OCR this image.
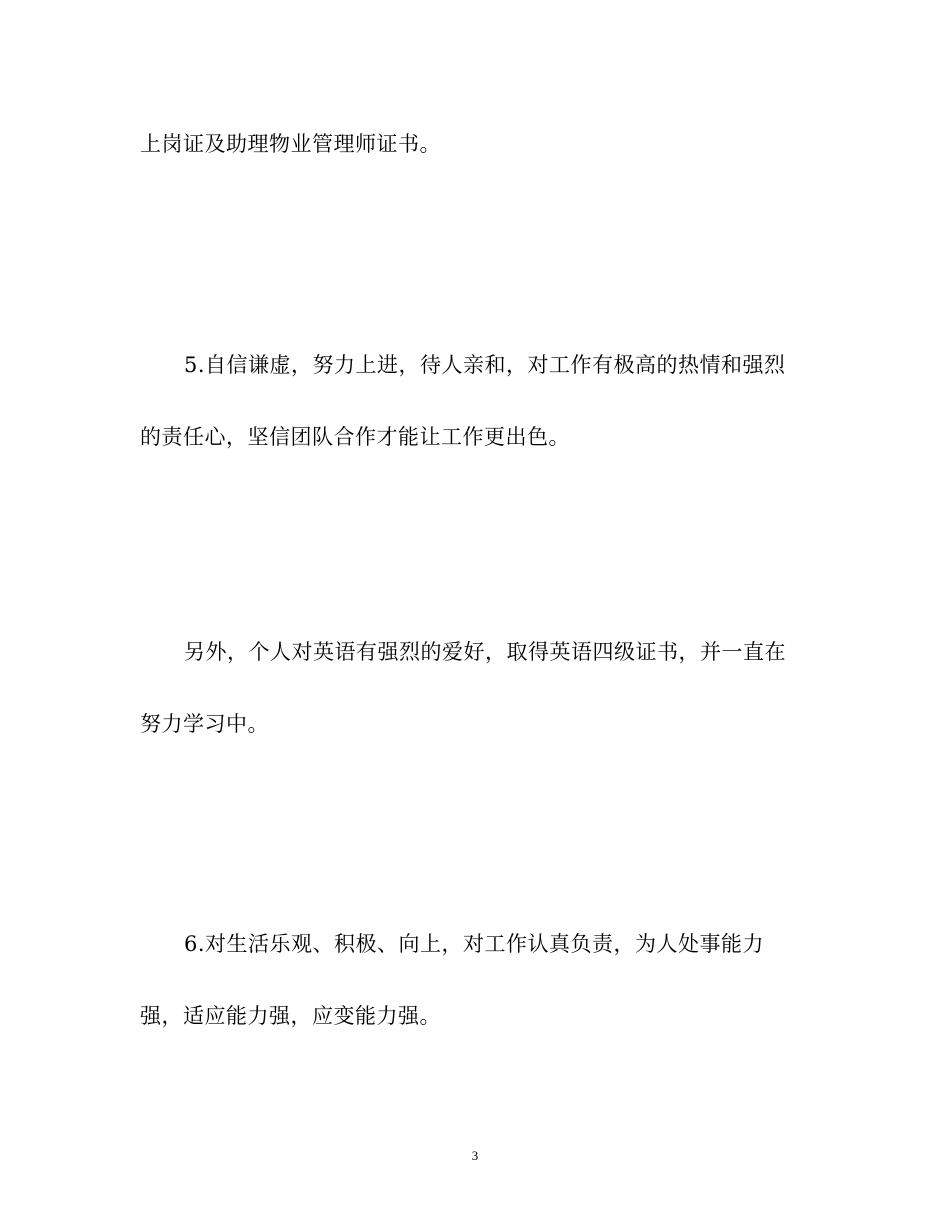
上岗证及助理物业管理师证书。
5.自信谦虚，努力上进，待人亲和，对工作有极高的热情和强烈
的责任心，坚信团队合作才能让工作更出色。
另外，个人对英语有强烈的爱好，取得英语四级证书，并一直在
努力学习中。
6.对生活乐观、积极、向上，对工作认真负责，为人处事能力
强，适应能力强，应变能力强。
3
